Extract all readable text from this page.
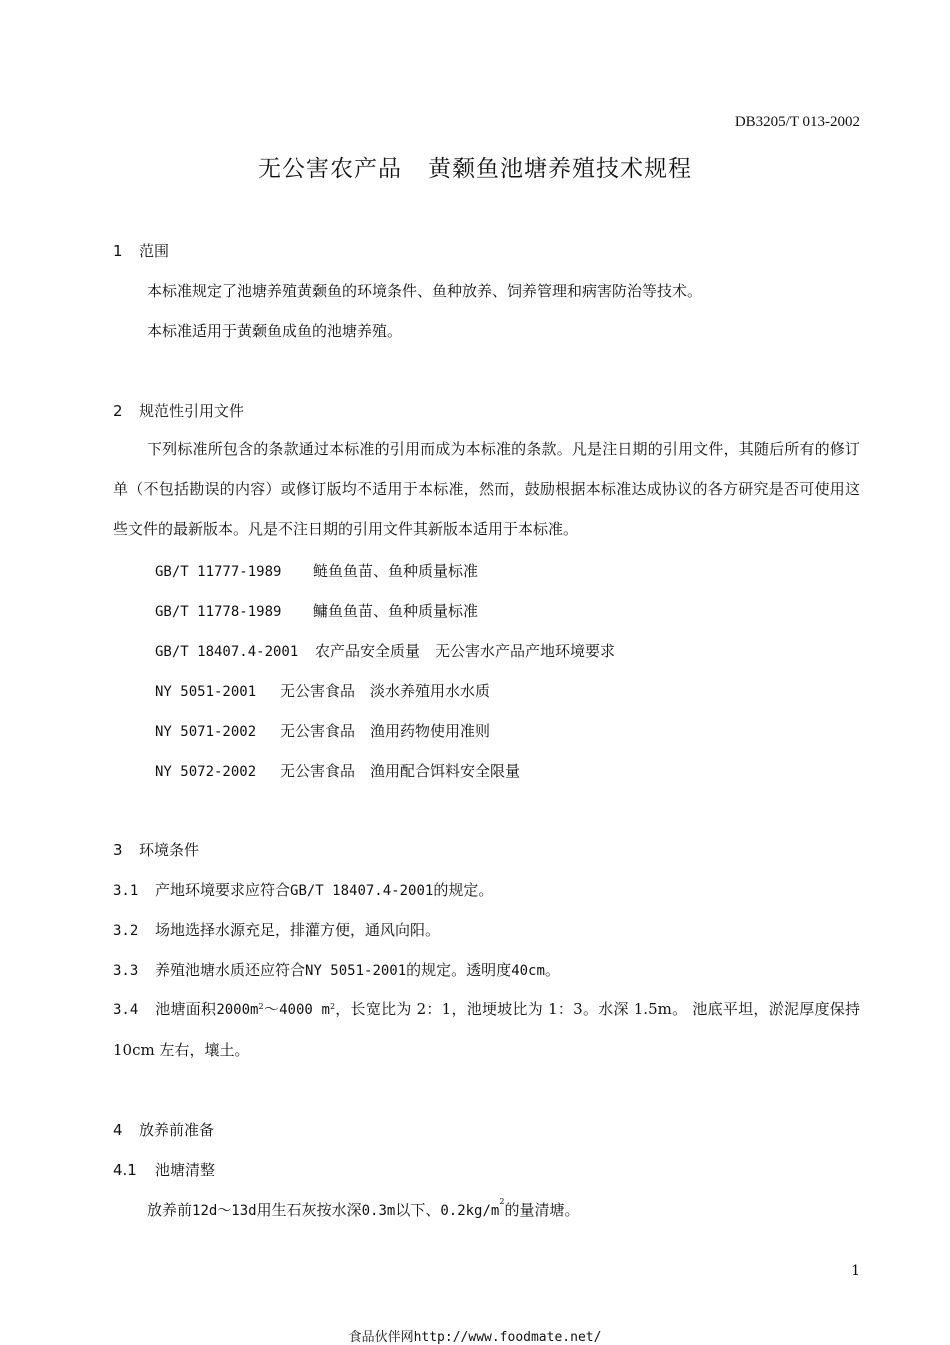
DB3205/T 013-2002
无公害农产品 黄颡鱼池塘养殖技术规程
1 范围
本标准规定了池塘养殖黄颡鱼的环境条件、鱼种放养、饲养管理和病害防治等技术。
本标准适用于黄颡鱼成鱼的池塘养殖。
2 规范性引用文件
下列标准所包含的条款通过本标准的引用而成为本标准的条款。凡是注日期的引用文件，其随后所有的修订单（不包括勘误的内容）或修订版均不适用于本标准，然而，鼓励根据本标准达成协议的各方研究是否可使用这些文件的最新版本。凡是不注日期的引用文件其新版本适用于本标准。
GB/T 11777-1989 鲢鱼鱼苗、鱼种质量标准
GB/T 11778-1989 鳙鱼鱼苗、鱼种质量标准
GB/T 18407.4-2001 农产品安全质量　无公害水产品产地环境要求
NY 5051-2001 无公害食品　淡水养殖用水水质
NY 5071-2002 无公害食品　渔用药物使用准则
NY 5072-2002 无公害食品　渔用配合饵料安全限量
3 环境条件
3.1 产地环境要求应符合GB/T 18407.4-2001的规定。
3.2 场地选择水源充足，排灌方便，通风向阳。
3.3 养殖池塘水质还应符合NY 5051-2001的规定。透明度40cm。
3.4 池塘面积$2000m^2\sim 4000$ $m^2$，长宽比为 2：1，池埂坡比为 1：3。水深 1.5m。 池底平坦，淤泥厚度保持 10cm 左右，壤土。
4 放养前准备
4.1 池塘清整
放养前12d～13d用生石灰按水深0.3m以下、$0.2kg/m^2$的量清塘。
1
食品伙伴网http://www.foodmate.net/
